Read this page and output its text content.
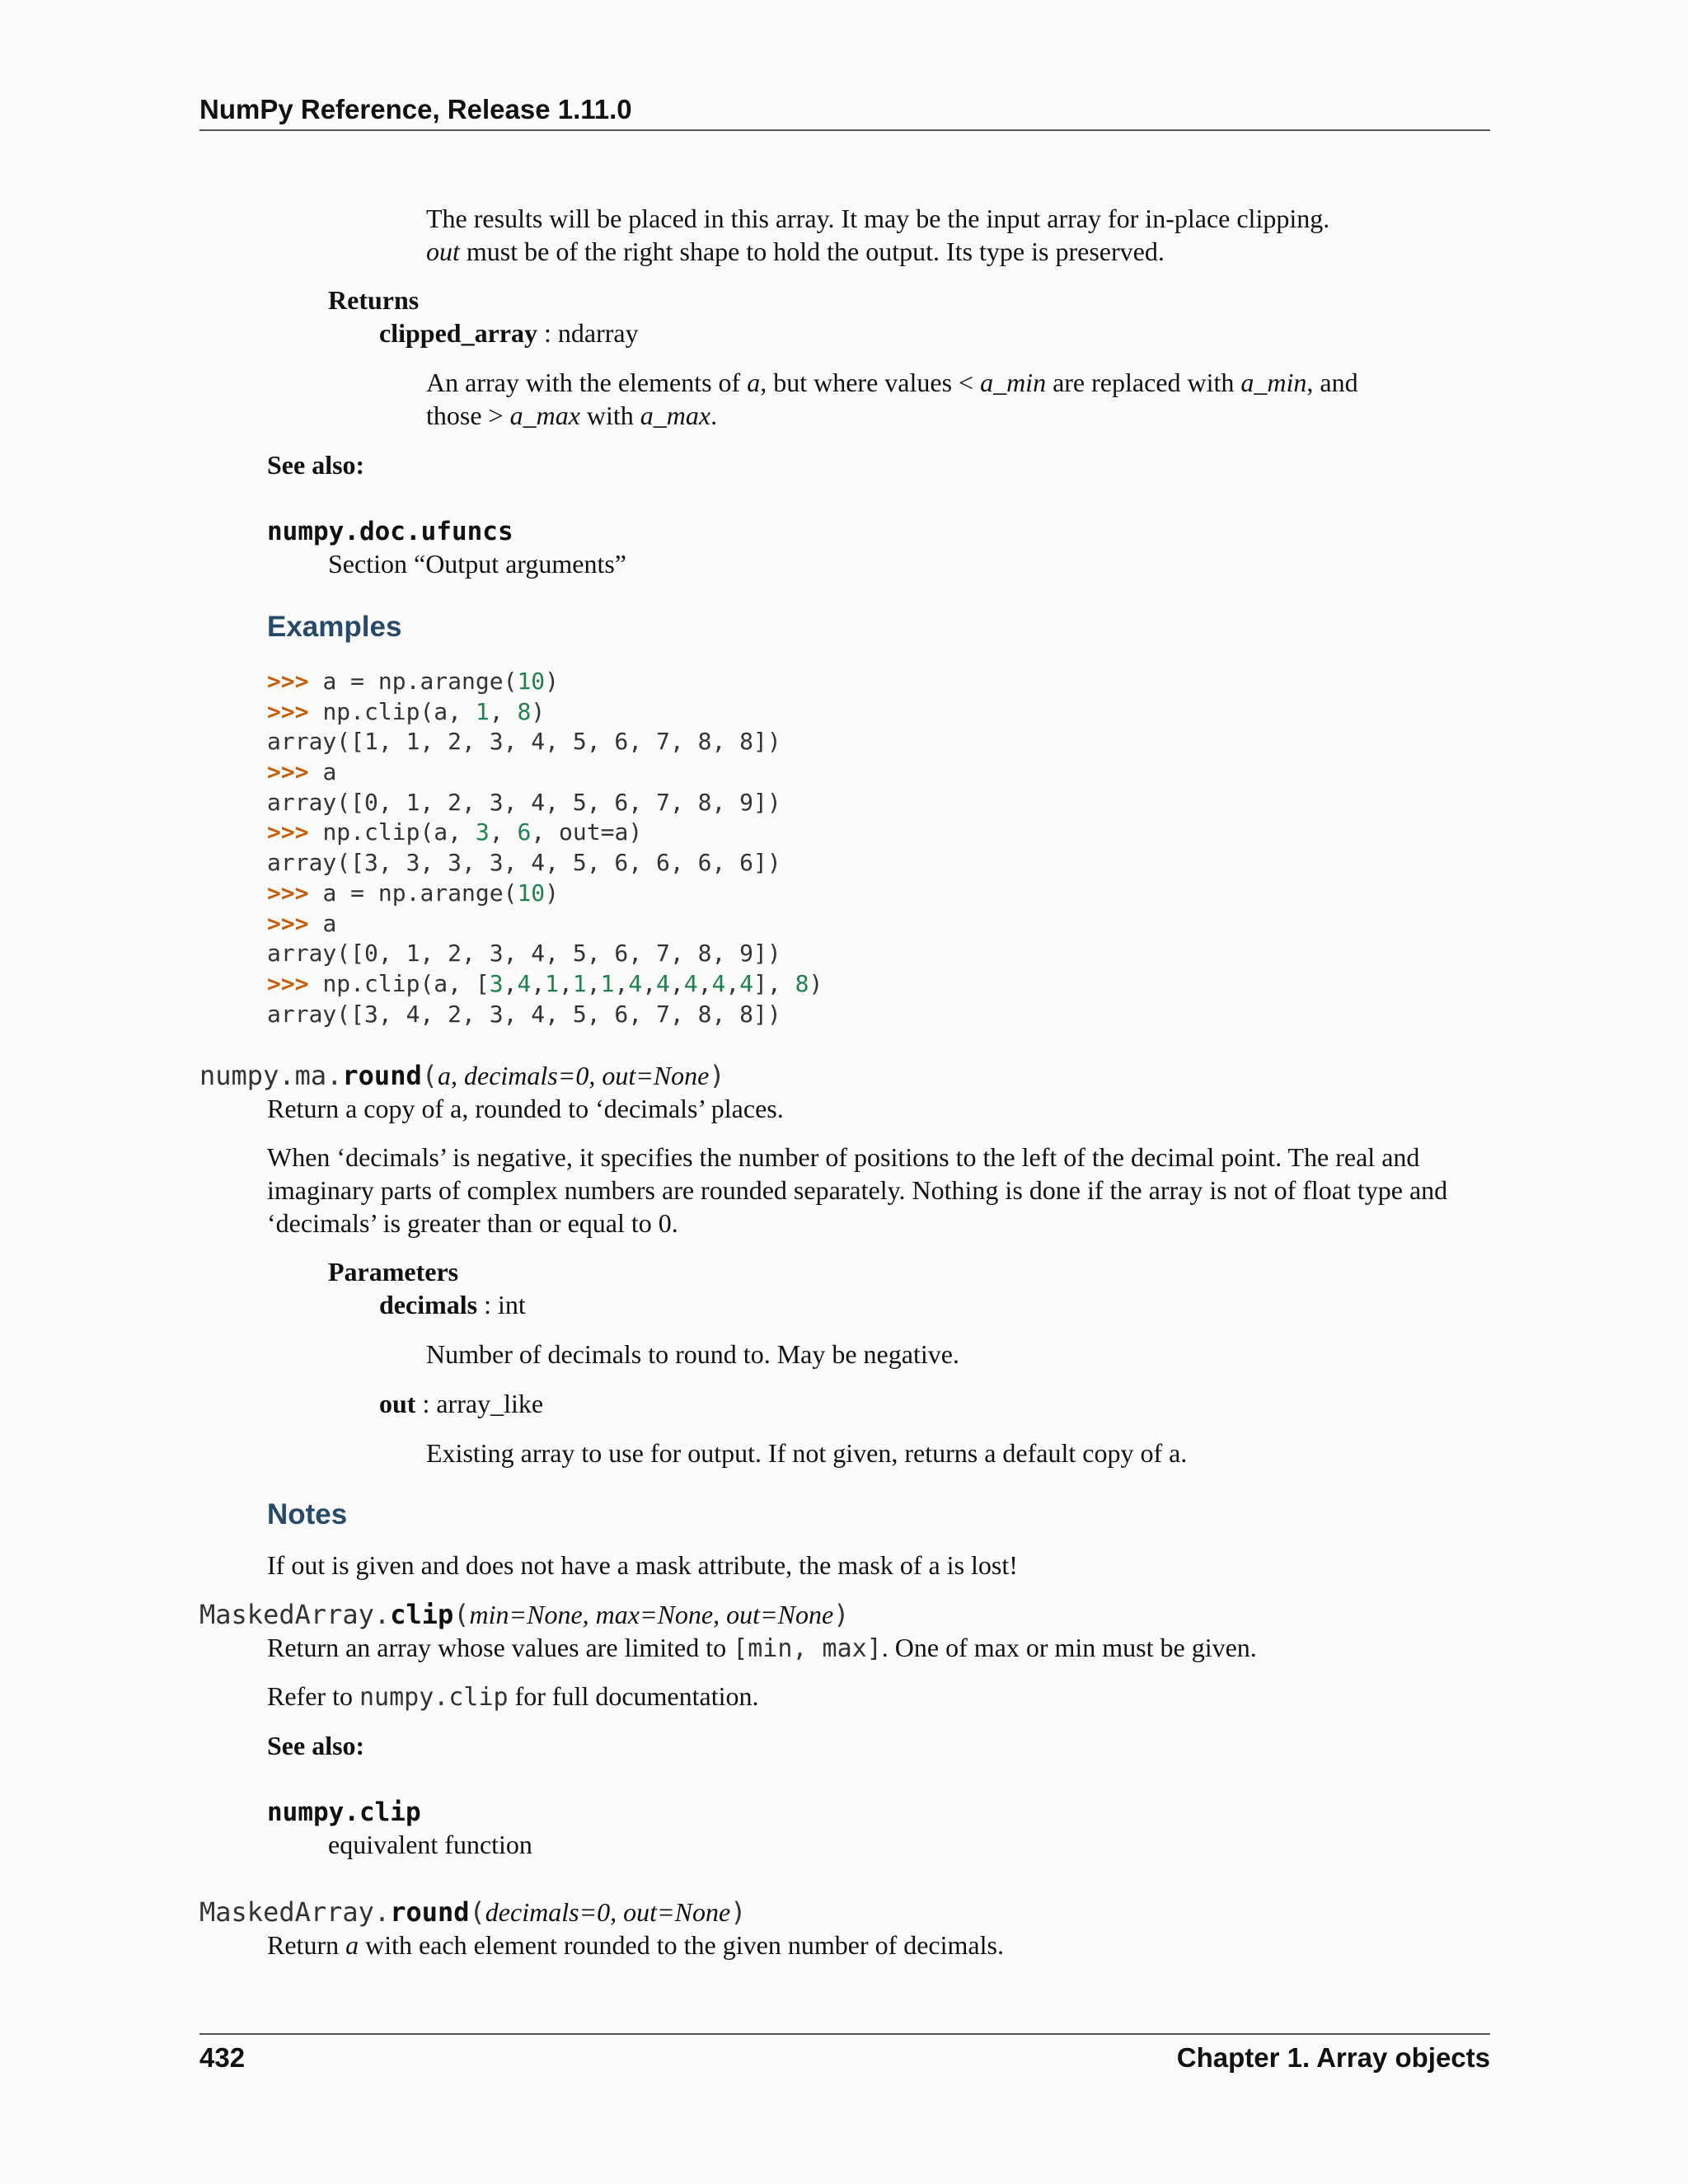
NumPy Reference, Release 1.11.0
The results will be placed in this array. It may be the input array for in-place clipping.
out must be of the right shape to hold the output. Its type is preserved.
Returns
clipped_array : ndarray
An array with the elements of a, but where values < a_min are replaced with a_min, and
those > a_max with a_max.
See also:
numpy.doc.ufuncs
Section “Output arguments”
Examples
>>> a = np.arange(10)
>>> np.clip(a, 1, 8)
array([1, 1, 2, 3, 4, 5, 6, 7, 8, 8])
>>> a
array([0, 1, 2, 3, 4, 5, 6, 7, 8, 9])
>>> np.clip(a, 3, 6, out=a)
array([3, 3, 3, 3, 4, 5, 6, 6, 6, 6])
>>> a = np.arange(10)
>>> a
array([0, 1, 2, 3, 4, 5, 6, 7, 8, 9])
>>> np.clip(a, [3,4,1,1,1,4,4,4,4,4], 8)
array([3, 4, 2, 3, 4, 5, 6, 7, 8, 8])
numpy.ma.round(a, decimals=0, out=None)
Return a copy of a, rounded to ‘decimals’ places.
When ‘decimals’ is negative, it specifies the number of positions to the left of the decimal point. The real and
imaginary parts of complex numbers are rounded separately. Nothing is done if the array is not of float type and
‘decimals’ is greater than or equal to 0.
Parameters
decimals : int
Number of decimals to round to. May be negative.
out : array_like
Existing array to use for output. If not given, returns a default copy of a.
Notes
If out is given and does not have a mask attribute, the mask of a is lost!
MaskedArray.clip(min=None, max=None, out=None)
Return an array whose values are limited to [min, max]. One of max or min must be given.
Refer to numpy.clip for full documentation.
See also:
numpy.clip
equivalent function
MaskedArray.round(decimals=0, out=None)
Return a with each element rounded to the given number of decimals.
432	Chapter 1. Array objects
